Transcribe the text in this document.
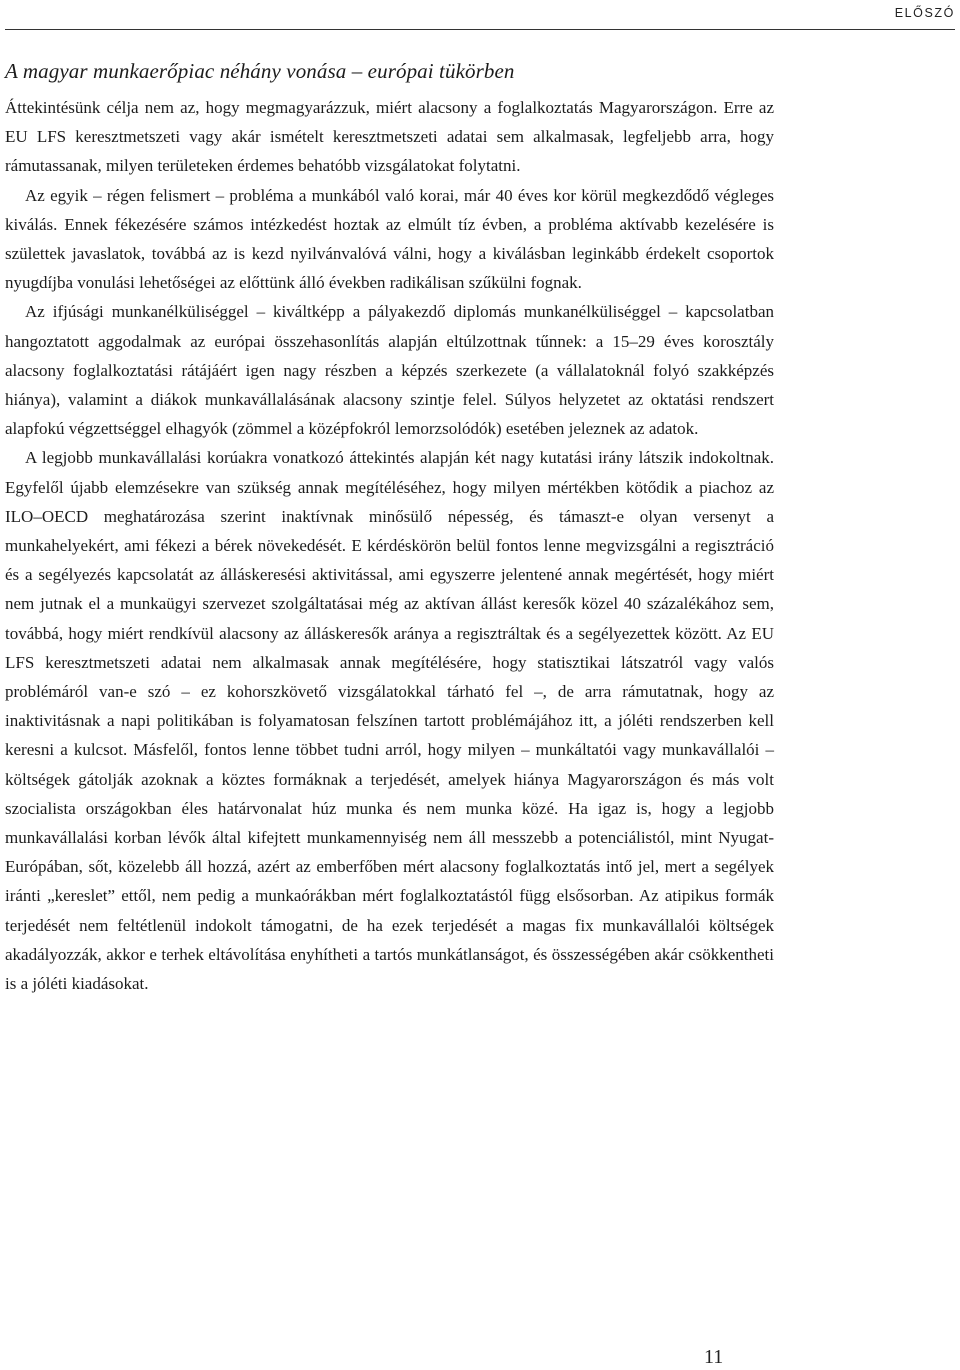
ELŐSZÓ
A magyar munkaerőpiac néhány vonása – európai tükörben

Áttekintésünk célja nem az, hogy megmagyarázzuk, miért alacsony a foglalkoztatás Magyarországon. Erre az EU LFS keresztmetszeti vagy akár ismételt keresztmetszeti adatai sem alkalmasak, legfeljebb arra, hogy rámutassanak, milyen területeken érdemes behatóbb vizsgálatokat folytatni.

Az egyik – régen felismert – probléma a munkából való korai, már 40 éves kor körül megkezdődő végleges kiválás. Ennek fékezésére számos intézkedést hoztak az elmúlt tíz évben, a probléma aktívabb kezelésére is születtek javaslatok, továbbá az is kezd nyilvánvalóvá válni, hogy a kiválásban leginkább érdekelt csoportok nyugdíjba vonulási lehetőségei az előttünk álló években radikálisan szűkülni fognak.

Az ifjúsági munkanélküliséggel – kiváltképp a pályakezdő diplomás munkanélküliséggel – kapcsolatban hangoztatott aggodalmak az európai összehasonlítás alapján eltúlzottnak tűnnek: a 15–29 éves korosztály alacsony foglalkoztatási rátájáért igen nagy részben a képzés szerkezete (a vállalatoknál folyó szakképzés hiánya), valamint a diákok munkavállalásának alacsony szintje felel. Súlyos helyzetet az oktatási rendszert alapfokú végzettséggel elhagyók (zömmel a középfokról lemorzsolódók) esetében jeleznek az adatok.

A legjobb munkavállalási korúakra vonatkozó áttekintés alapján két nagy kutatási irány látszik indokoltnak. Egyfelől újabb elemzésekre van szükség annak megítéléséhez, hogy milyen mértékben kötődik a piachoz az ILO–OECD meghatározása szerint inaktívnak minősülő népesség, és támaszt-e olyan versenyt a munkahelyekért, ami fékezi a bérek növekedését. E kérdéskörön belül fontos lenne megvizsgálni a regisztráció és a segélyezés kapcsolatát az álláskeresési aktivitással, ami egyszerre jelentené annak megértését, hogy miért nem jutnak el a munkaügyi szervezet szolgáltatásai még az aktívan állást keresők közel 40 százalékához sem, továbbá, hogy miért rendkívül alacsony az álláskeresők aránya a regisztráltak és a segélyezettek között. Az EU LFS keresztmetszeti adatai nem alkalmasak annak megítélésére, hogy statisztikai látszatról vagy valós problémáról van-e szó – ez kohorszkövető vizsgálatokkal tárható fel –, de arra rámutatnak, hogy az inaktivitásnak a napi politikában is folyamatosan felszínen tartott problémájához itt, a jóléti rendszerben kell keresni a kulcsot. Másfelől, fontos lenne többet tudni arról, hogy milyen – munkáltatói vagy munkavállalói – költségek gátolják azoknak a köztes formáknak a terjedését, amelyek hiánya Magyarországon és más volt szocialista országokban éles határvonalat húz munka és nem munka közé. Ha igaz is, hogy a legjobb munkavállalási korban lévők által kifejtett munkamennyiség nem áll messzebb a potenciálistól, mint Nyugat-Európában, sőt, közelebb áll hozzá, azért az emberfőben mért alacsony foglalkoztatás intő jel, mert a segélyek iránti „kereslet” ettől, nem pedig a munkaórákban mért foglalkoztatástól függ elsősorban. Az atipikus formák terjedését nem feltétlenül indokolt támogatni, de ha ezek terjedését a magas fix munkavállalói költségek akadályozzák, akkor e terhek eltávolítása enyhítheti a tartós munkátlanságot, és összességében akár csökkentheti is a jóléti kiadásokat.

11
